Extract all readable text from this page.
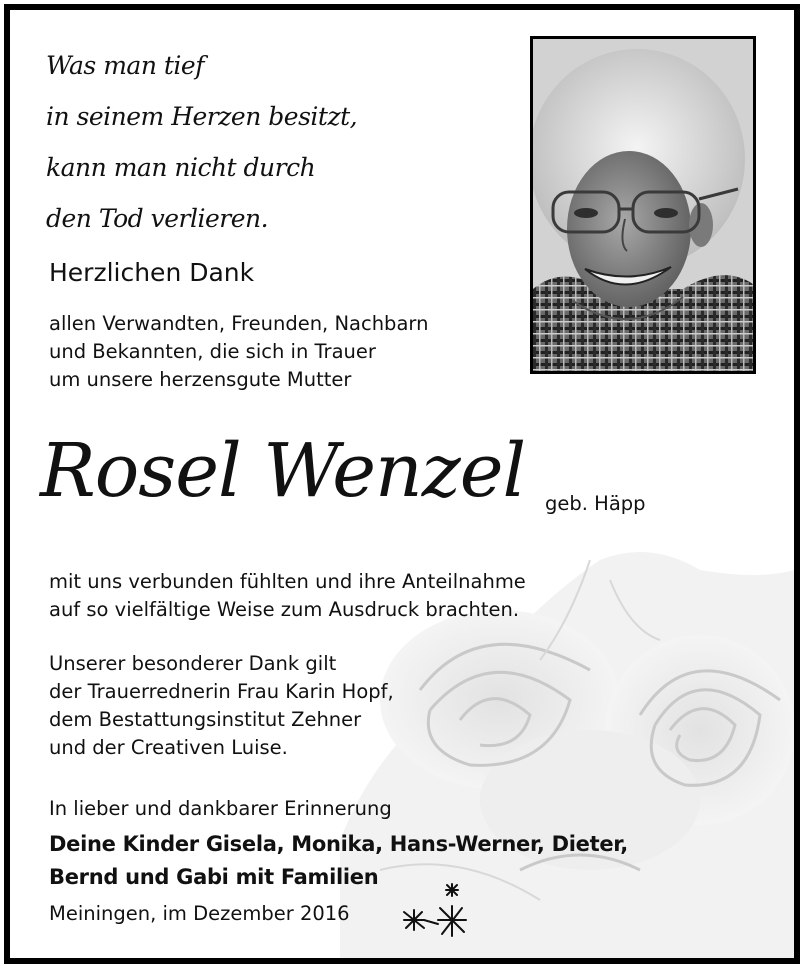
Was man tief
in seinem Herzen besitzt,
kann man nicht durch
den Tod verlieren.
Herzlichen Dank
allen Verwandten, Freunden, Nachbarn
und Bekannten, die sich in Trauer
um unsere herzensgute Mutter
Rosel Wenzel geb. Häpp
mit uns verbunden fühlten und ihre Anteilnahme
auf so vielfältige Weise zum Ausdruck brachten.
Unserer besonderer Dank gilt
der Trauerrednerin Frau Karin Hopf,
dem Bestattungsinstitut Zehner
und der Creativen Luise.
In lieber und dankbarer Erinnerung
Deine Kinder Gisela, Monika, Hans-Werner, Dieter,
Bernd und Gabi mit Familien
Meiningen, im Dezember 2016
